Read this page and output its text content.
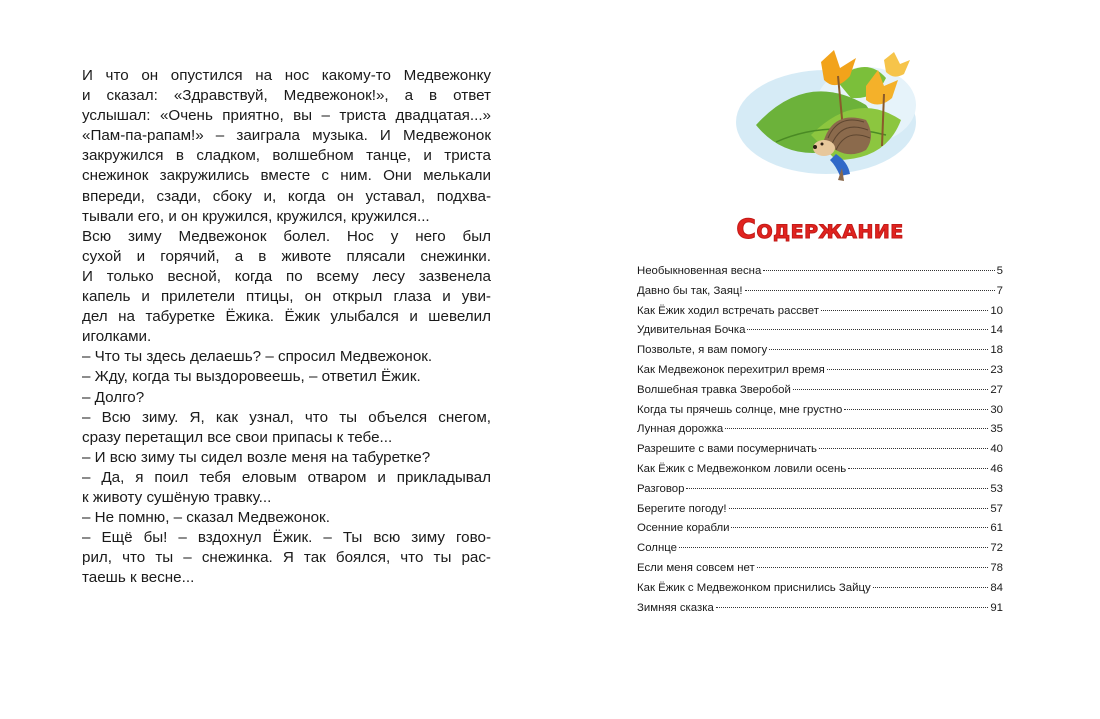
И что он опустился на нос какому-то Медвежонку
и сказал: «Здравствуй, Медвежонок!», а в ответ
услышал: «Очень приятно, вы – триста двадцатая...»
«Пам-па-рапам!» – заиграла музыка. И Медвежонок
закружился в сладком, волшебном танце, и триста
снежинок закружились вместе с ним. Они мелькали
впереди, сзади, сбоку и, когда он уставал, подхва-
тывали его, и он кружился, кружился, кружился...

Всю зиму Медвежонок болел. Нос у него был
сухой и горячий, а в животе плясали снежинки.
И только весной, когда по всему лесу зазвенела
капель и прилетели птицы, он открыл глаза и уви-
дел на табуретке Ёжика. Ёжик улыбался и шевелил
иголками.

– Что ты здесь делаешь? – спросил Медвежонок.

– Жду, когда ты выздоровеешь, – ответил Ёжик.

– Долго?

– Всю зиму. Я, как узнал, что ты объелся снегом,
сразу перетащил все свои припасы к тебе...

– И всю зиму ты сидел возле меня на табуретке?

– Да, я поил тебя еловым отваром и прикладывал
к животу сушёную травку...

– Не помню, – сказал Медвежонок.

– Ещё бы! – вздохнул Ёжик. – Ты всю зиму гово-
рил, что ты – снежинка. Я так боялся, что ты рас-
таешь к весне...

Содержание
Необыкновенная весна	5
Давно бы так, Заяц!	7
Как Ёжик ходил встречать рассвет	10
Удивительная Бочка	14
Позвольте, я вам помогу	18
Как Медвежонок перехитрил время	23
Волшебная травка Зверобой	27
Когда ты прячешь солнце, мне грустно	30
Лунная дорожка	35
Разрешите с вами посумерничать	40
Как Ёжик с Медвежонком ловили осень	46
Разговор	53
Берегите погоду!	57
Осенние корабли	61
Солнце	72
Если меня совсем нет	78
Как Ёжик с Медвежонком приснились Зайцу	84
Зимняя сказка	91
